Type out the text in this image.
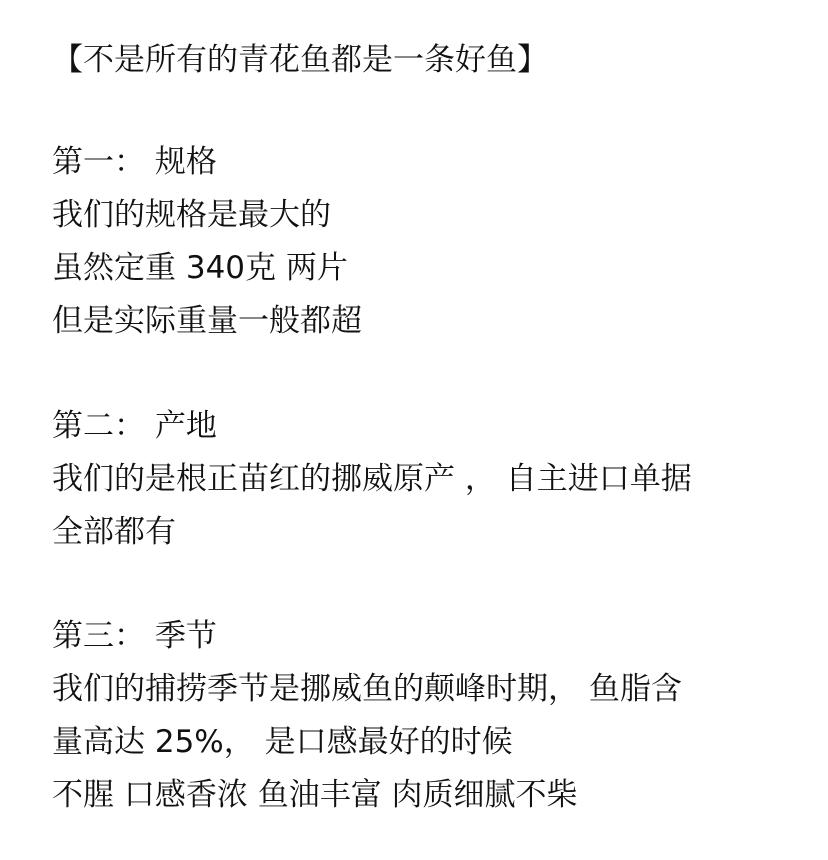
【不是所有的青花鱼都是一条好鱼】
第一： 规格
我们的规格是最大的
虽然定重 340克 两片
但是实际重量一般都超
第二： 产地
我们的是根正苗红的挪威原产 ， 自主进口单据
全部都有
第三： 季节
我们的捕捞季节是挪威鱼的颠峰时期， 鱼脂含
量高达 25%， 是口感最好的时候
不腥 口感香浓 鱼油丰富 肉质细腻不柴
